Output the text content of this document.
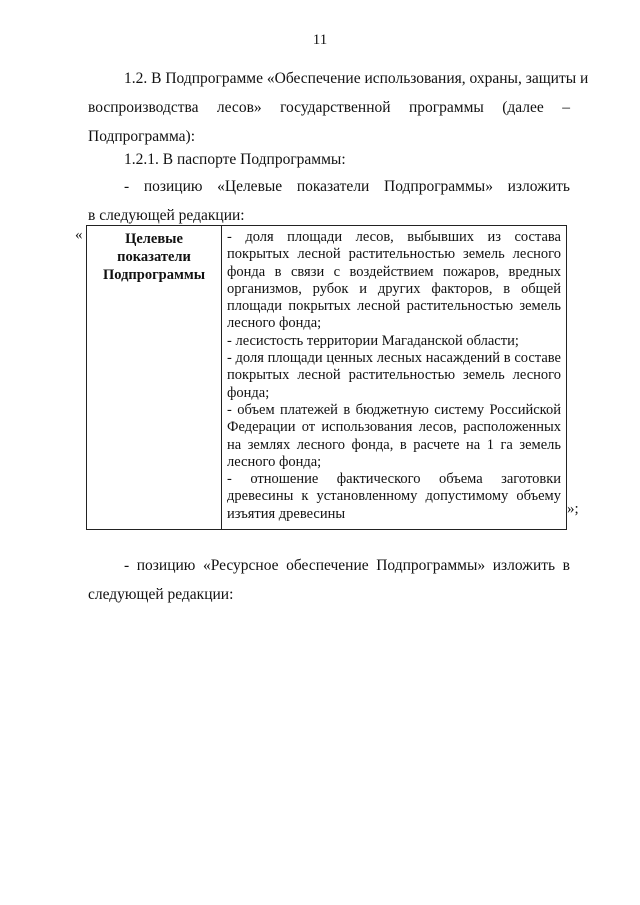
11
1.2. В Подпрограмме «Обеспечение использования, охраны, защиты и
воспроизводства лесов» государственной программы (далее –
Подпрограмма):
1.2.1. В паспорте Подпрограммы:
- позицию «Целевые показатели Подпрограммы» изложить
в следующей редакции:
«	Целевые показатели Подпрограммы	
- доля площади лесов, выбывших из состава покрытых лесной растительностью земель лесного фонда в связи с воздействием пожаров, вредных организмов, рубок и других факторов, в общей площади покрытых лесной растительностью земель лесного фонда;
- лесистость территории Магаданской области;
- доля площади ценных лесных насаждений в составе покрытых лесной растительностью земель лесного фонда;
- объем платежей в бюджетную систему Российской Федерации от использования лесов, расположенных на землях лесного фонда, в расчете на 1 га земель лесного фонда;
- отношение фактического объема заготовки древесины к установленному допустимому объему изъятия древесины	»;
- позицию «Ресурсное обеспечение Подпрограммы» изложить в
следующей редакции:
